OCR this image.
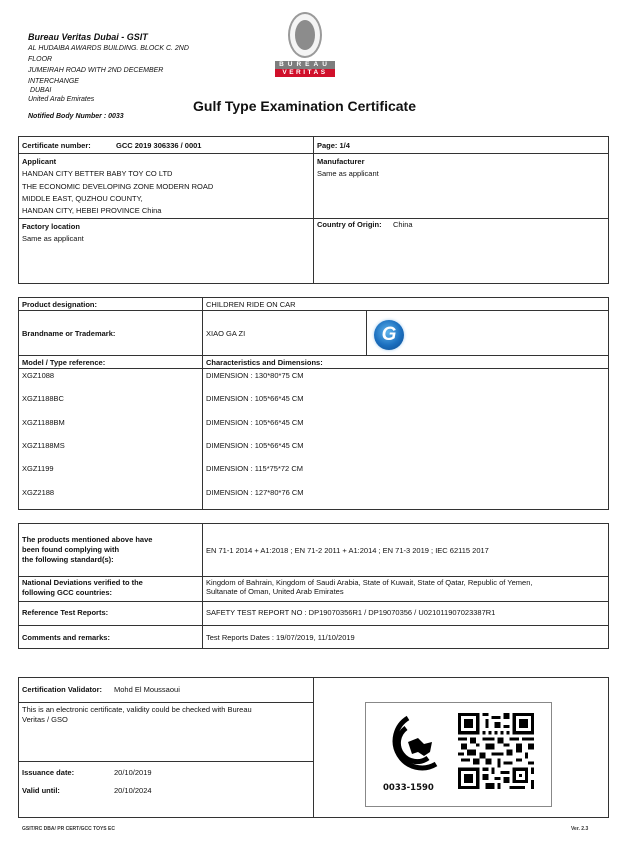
Bureau Veritas Dubai - GSIT
AL HUDAIBA AWARDS BUILDING. BLOCK C. 2ND
FLOOR
JUMEIRAH ROAD WITH 2ND DECEMBER
INTERCHANGE
DUBAI
United Arab Emirates
Notified Body Number : 0033
BUREAU
VERITAS
Gulf Type Examination Certificate
Certificate number:	GCC 2019 306336 / 0001	Page: 1/4
Applicant
HANDAN CITY BETTER BABY TOY CO LTD
THE ECONOMIC DEVELOPING ZONE MODERN ROAD
MIDDLE EAST, QUZHOU COUNTY,
HANDAN CITY, HEBEI PROVINCE China
Manufacturer
Same as applicant
Factory location
Same as applicant
Country of Origin: China
Product designation:	CHILDREN RIDE ON CAR
Brandname or Trademark:	XIAO GA ZI	G
Model / Type reference:	Characteristics and Dimensions:
XGZ1088	DIMENSION : 130*80*75 CM
XGZ1188BC	DIMENSION : 105*66*45 CM
XGZ1188BM	DIMENSION : 105*66*45 CM
XGZ1188MS	DIMENSION : 105*66*45 CM
XGZ1199	DIMENSION : 115*75*72 CM
XGZ2188	DIMENSION : 127*80*76 CM
The products mentioned above have
been found complying with
the following standard(s):
EN 71-1 2014 + A1:2018 ; EN 71-2 2011 + A1:2014 ; EN 71-3 2019 ; IEC 62115 2017
National Deviations verified to the
following GCC countries:
Kingdom of Bahrain, Kingdom of Saudi Arabia, State of Kuwait, State of Qatar, Republic of Yemen,
Sultanate of Oman, United Arab Emirates
Reference Test Reports:	SAFETY TEST REPORT NO : DP19070356R1 / DP19070356 / U021011907023387R1
Comments and remarks:	Test Reports Dates : 19/07/2019, 11/10/2019
Certification Validator: Mohd El Moussaoui
This is an electronic certificate, validity could be checked with Bureau
Veritas / GSO
Issuance date:	20/10/2019
Valid until:	20/10/2024	0033-1590
GSIT/RC DBA/ PR CERT/GCC TOYS EC	Ver. 2.3
